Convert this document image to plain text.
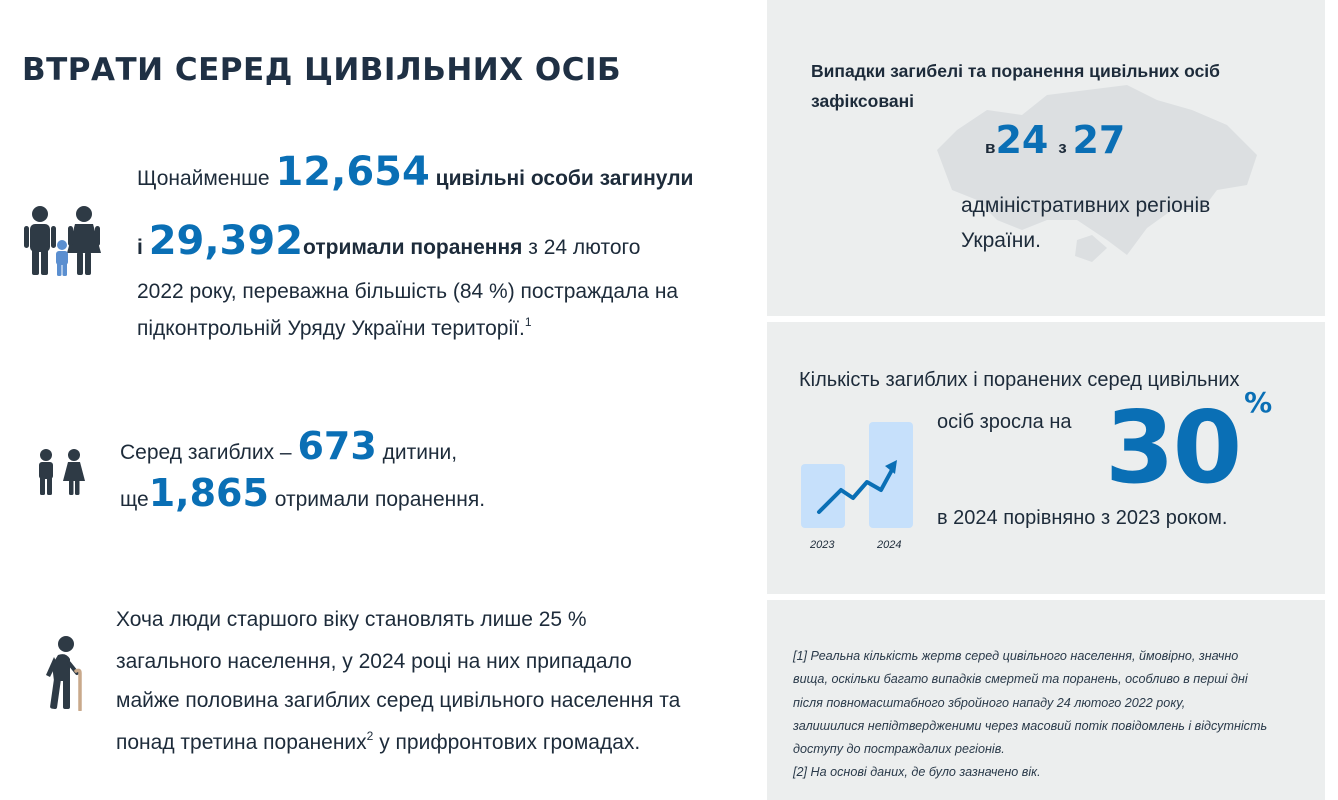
ВТРАТИ СЕРЕД ЦИВІЛЬНИХ ОСІБ
Щонайменше 12,654 цивільні особи загинули
і 29,392отримали поранення з 24 лютого
2022 року, переважна більшість (84 %) постраждала на
підконтрольній Уряду України території.$^1$
Серед загиблих – 673 дитини,
ще1,865 отримали поранення.
Хоча люди старшого віку становлять лише 25 %
загального населення, у 2024 році на них припадало
майже половина загиблих серед цивільного населення та
понад третина поранених$^2$ у прифронтових громадах.
Випадки загибелі та поранення цивільних осіб
зафіксовані
в24 з 27
адміністративних регіонів
України.
Кількість загиблих і поранених серед цивільних
осіб зросла на 30 %
в 2024 порівняно з 2023 роком.
2023	2024

[1] Реальна кількість жертв серед цивільного населення, ймовірно, значно

вища, оскільки багато випадків смертей та поранень, особливо в перші дні

після повномасштабного збройного нападу 24 лютого 2022 року,

залишилися непідтвердженими через масовий потік повідомлень і відсутність

доступу до постраждалих регіонів.

[2] На основі даних, де було зазначено вік.
